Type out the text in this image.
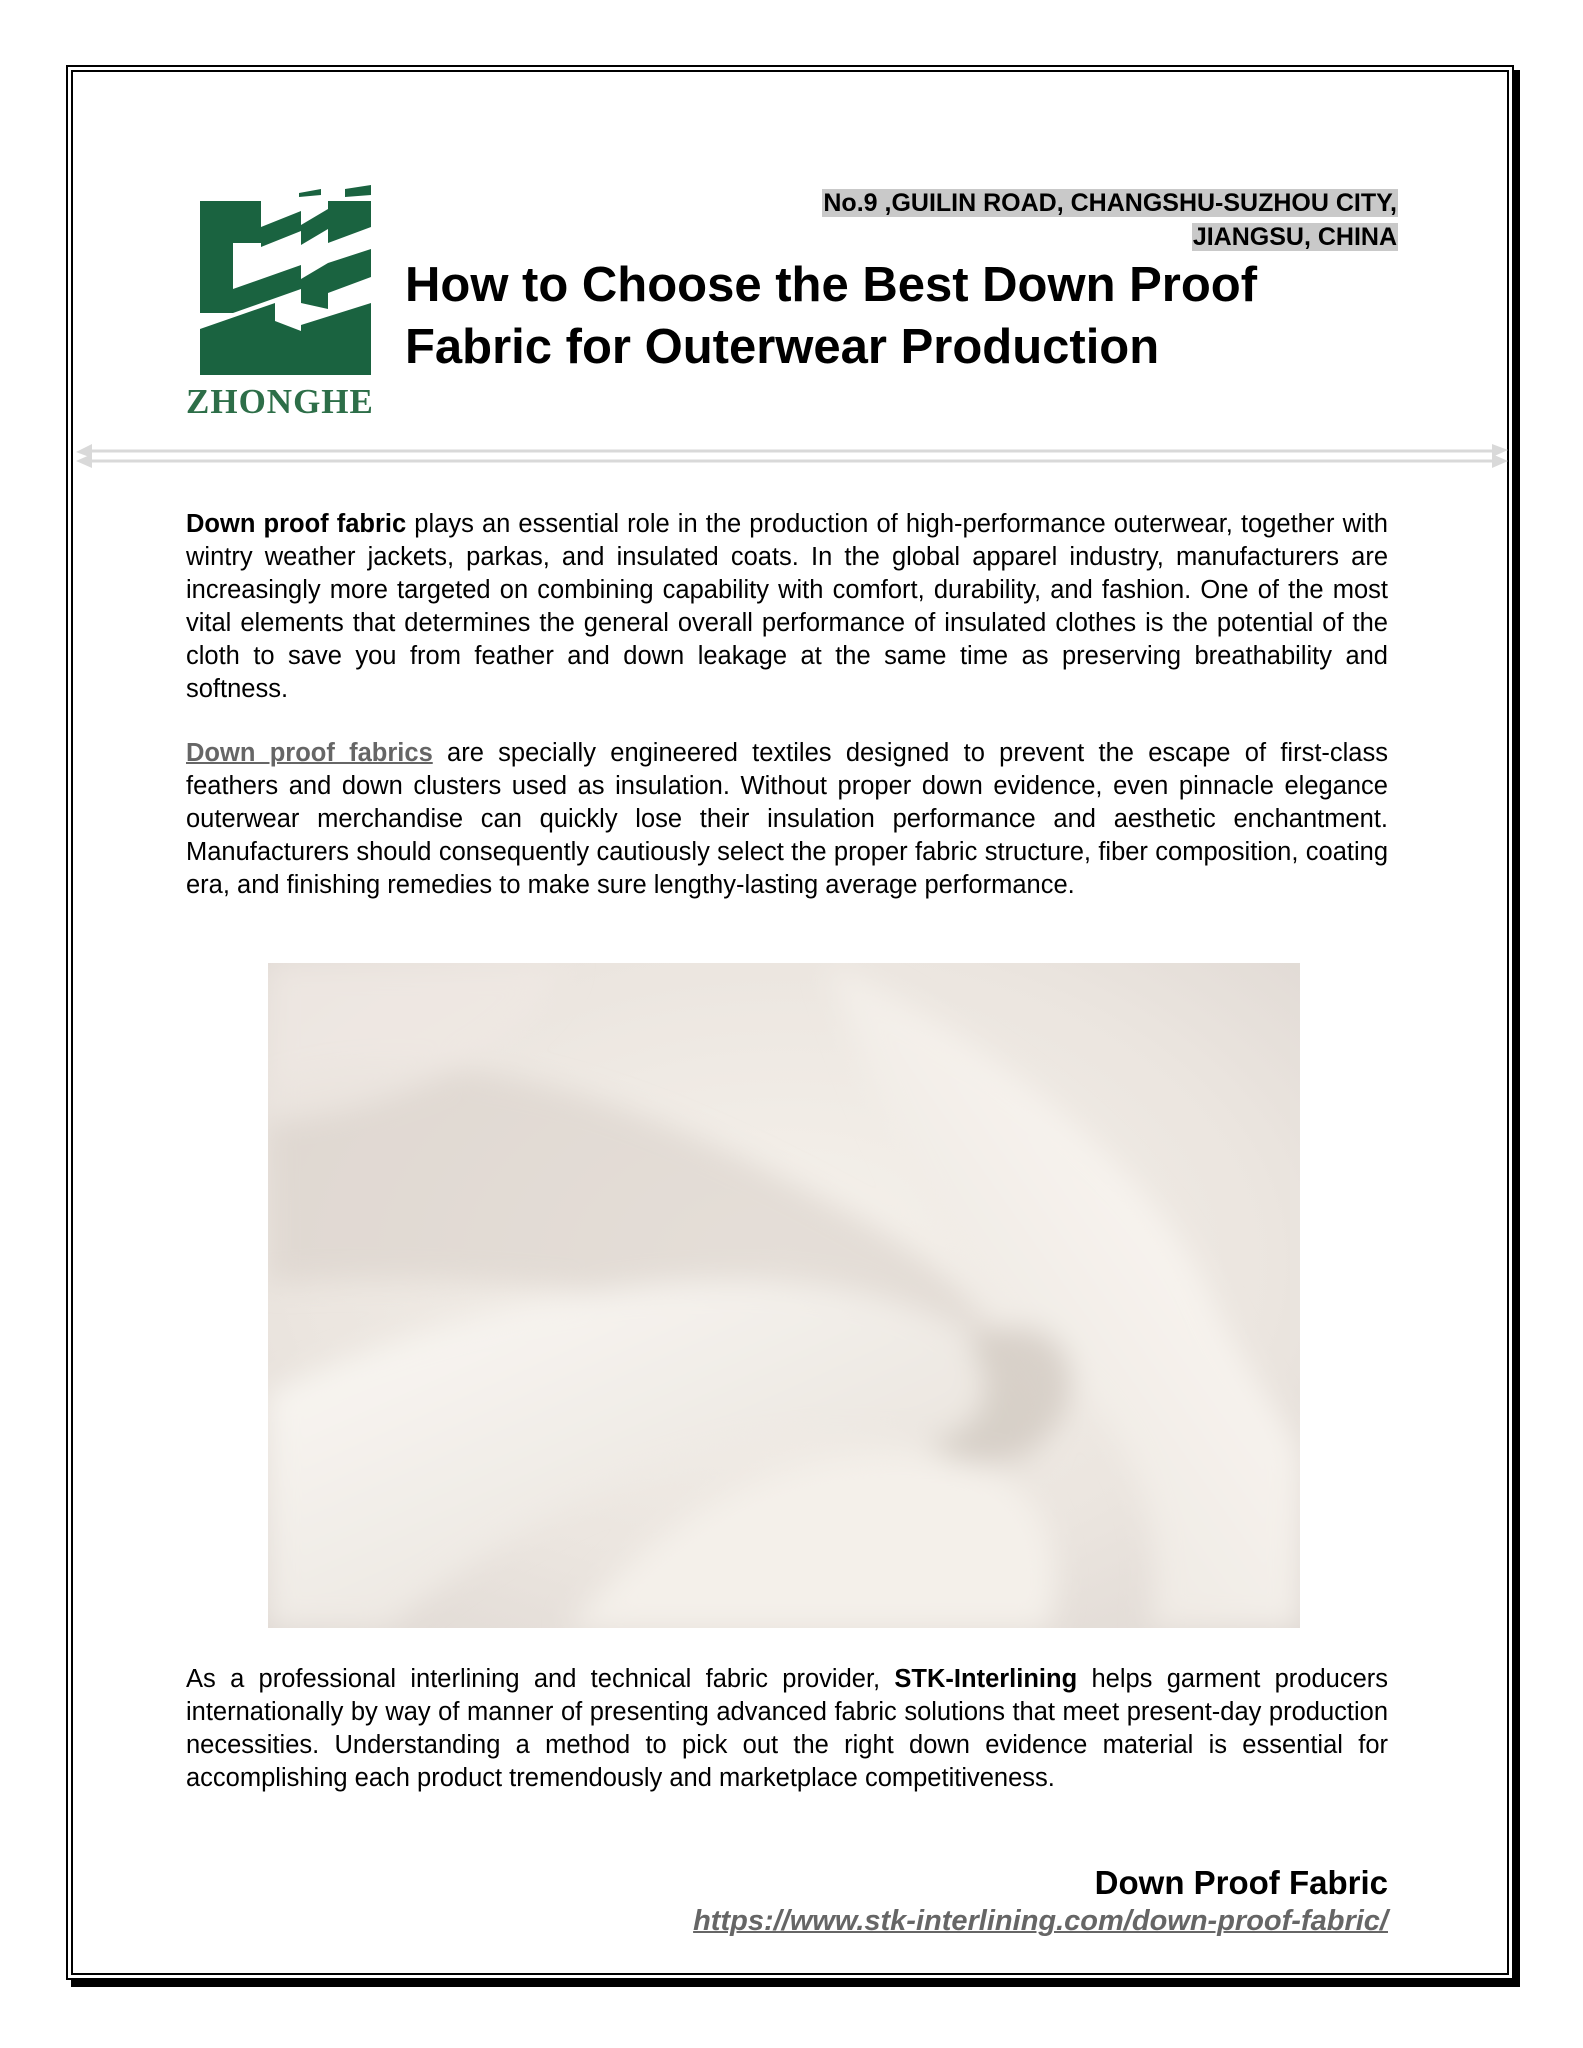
ZHONGHE
No.9 ,GUILIN ROAD, CHANGSHU-SUZHOU CITY,
JIANGSU, CHINA
How to Choose the Best Down Proof Fabric for Outerwear Production

Down proof fabric plays an essential role in the production of high-performance outerwear, together with wintry weather jackets, parkas, and insulated coats. In the global apparel industry, manufacturers are increasingly more targeted on combining capability with comfort, durability, and fashion. One of the most vital elements that determines the general overall performance of insulated clothes is the potential of the cloth to save you from feather and down leakage at the same time as preserving breathability and softness.

Down proof fabrics are specially engineered textiles designed to prevent the escape of first-class feathers and down clusters used as insulation. Without proper down evidence, even pinnacle elegance outerwear merchandise can quickly lose their insulation performance and aesthetic enchantment. Manufacturers should consequently cautiously select the proper fabric structure, fiber composition, coating era, and finishing remedies to make sure lengthy-lasting average performance.

As a professional interlining and technical fabric provider, STK-Interlining helps garment producers internationally by way of manner of presenting advanced fabric solutions that meet present-day production necessities. Understanding a method to pick out the right down evidence material is essential for accomplishing each product tremendously and marketplace competitiveness.

Down Proof Fabric
https://www.stk-interlining.com/down-proof-fabric/
